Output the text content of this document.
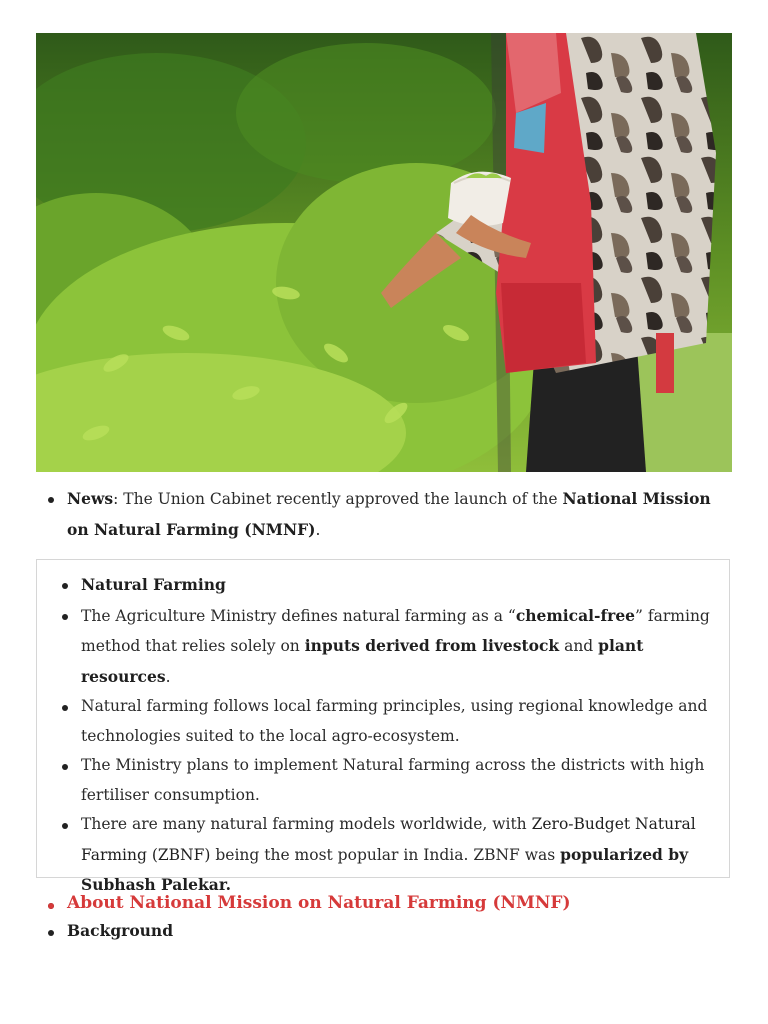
News: The Union Cabinet recently approved the launch of the National Mission on Natural Farming (NMNF).
Natural Farming
The Agriculture Ministry defines natural farming as a “chemical-free” farming method that relies solely on inputs derived from livestock and plant resources.
Natural farming follows local farming principles, using regional knowledge and technologies suited to the local agro-ecosystem.
The Ministry plans to implement Natural farming across the districts with high fertiliser consumption.
There are many natural farming models worldwide, with Zero-Budget Natural Farming (ZBNF) being the most popular in India. ZBNF was popularized by Subhash Palekar.
About National Mission on Natural Farming (NMNF)
Background
